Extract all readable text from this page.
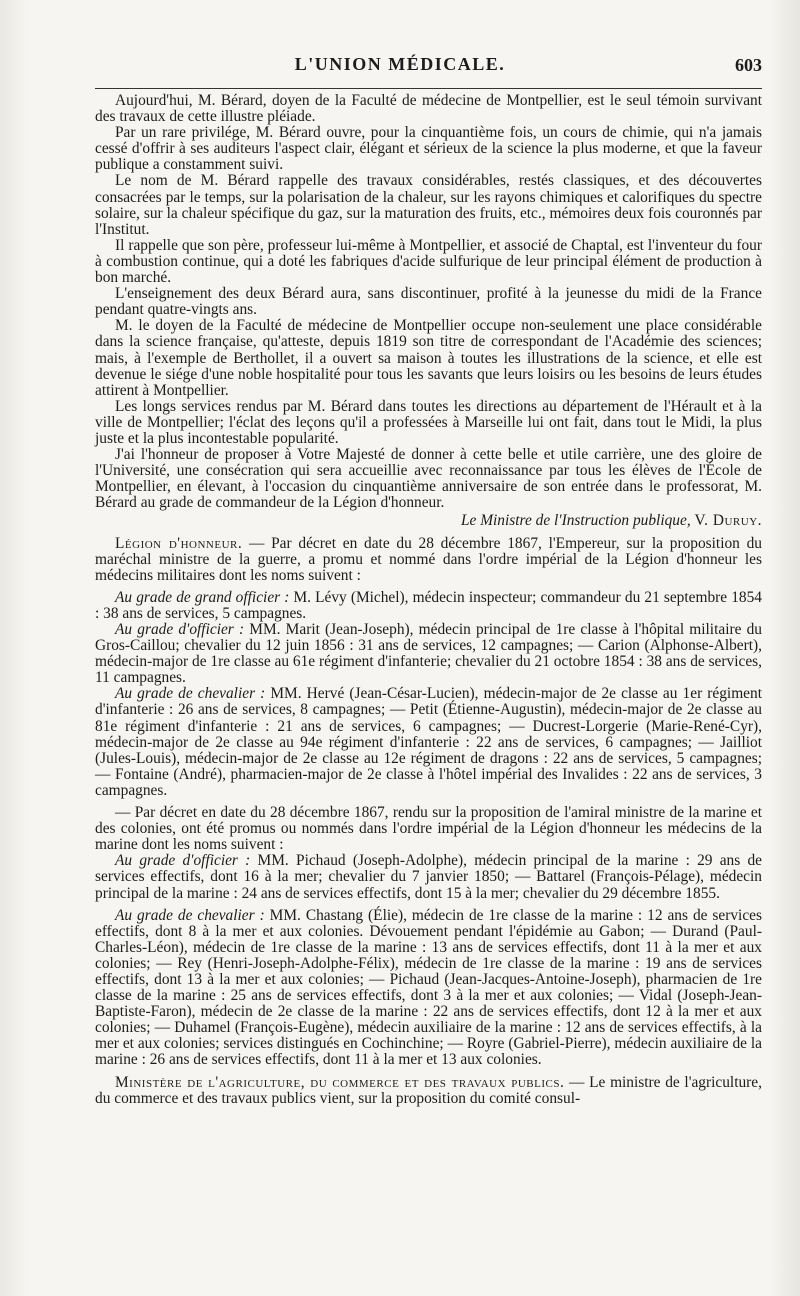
L'UNION MÉDICALE.	603

Aujourd'hui, M. Bérard, doyen de la Faculté de médecine de Montpellier, est le seul témoin survivant des travaux de cette illustre pléiade.

Par un rare privilége, M. Bérard ouvre, pour la cinquantième fois, un cours de chimie, qui n'a jamais cessé d'offrir à ses auditeurs l'aspect clair, élégant et sérieux de la science la plus moderne, et que la faveur publique a constamment suivi.

Le nom de M. Bérard rappelle des travaux considérables, restés classiques, et des découvertes consacrées par le temps, sur la polarisation de la chaleur, sur les rayons chimiques et calorifiques du spectre solaire, sur la chaleur spécifique du gaz, sur la maturation des fruits, etc., mémoires deux fois couronnés par l'Institut.

Il rappelle que son père, professeur lui-même à Montpellier, et associé de Chaptal, est l'inventeur du four à combustion continue, qui a doté les fabriques d'acide sulfurique de leur principal élément de production à bon marché.

L'enseignement des deux Bérard aura, sans discontinuer, profité à la jeunesse du midi de la France pendant quatre-vingts ans.

M. le doyen de la Faculté de médecine de Montpellier occupe non-seulement une place considérable dans la science française, qu'atteste, depuis 1819 son titre de correspondant de l'Académie des sciences; mais, à l'exemple de Berthollet, il a ouvert sa maison à toutes les illustrations de la science, et elle est devenue le siége d'une noble hospitalité pour tous les savants que leurs loisirs ou les besoins de leurs études attirent à Montpellier.

Les longs services rendus par M. Bérard dans toutes les directions au département de l'Hérault et à la ville de Montpellier; l'éclat des leçons qu'il a professées à Marseille lui ont fait, dans tout le Midi, la plus juste et la plus incontestable popularité.

J'ai l'honneur de proposer à Votre Majesté de donner à cette belle et utile carrière, une des gloire de l'Université, une consécration qui sera accueillie avec reconnaissance par tous les élèves de l'École de Montpellier, en élevant, à l'occasion du cinquantième anniversaire de son entrée dans le professorat, M. Bérard au grade de commandeur de la Légion d'honneur.

Le Ministre de l'Instruction publique, V. Duruy.

Légion d'honneur. — Par décret en date du 28 décembre 1867, l'Empereur, sur la proposition du maréchal ministre de la guerre, a promu et nommé dans l'ordre impérial de la Légion d'honneur les médecins militaires dont les noms suivent :

Au grade de grand officier : M. Lévy (Michel), médecin inspecteur; commandeur du 21 septembre 1854 : 38 ans de services, 5 campagnes.

Au grade d'officier : MM. Marit (Jean-Joseph), médecin principal de 1re classe à l'hôpital militaire du Gros-Caillou; chevalier du 12 juin 1856 : 31 ans de services, 12 campagnes; — Carion (Alphonse-Albert), médecin-major de 1re classe au 61e régiment d'infanterie; chevalier du 21 octobre 1854 : 38 ans de services, 11 campagnes.

Au grade de chevalier : MM. Hervé (Jean-César-Lucien), médecin-major de 2e classe au 1er régiment d'infanterie : 26 ans de services, 8 campagnes; — Petit (Étienne-Augustin), médecin-major de 2e classe au 81e régiment d'infanterie : 21 ans de services, 6 campagnes; — Ducrest-Lorgerie (Marie-René-Cyr), médecin-major de 2e classe au 94e régiment d'infanterie : 22 ans de services, 6 campagnes; — Jailliot (Jules-Louis), médecin-major de 2e classe au 12e régiment de dragons : 22 ans de services, 5 campagnes; — Fontaine (André), pharmacien-major de 2e classe à l'hôtel impérial des Invalides : 22 ans de services, 3 campagnes.

— Par décret en date du 28 décembre 1867, rendu sur la proposition de l'amiral ministre de la marine et des colonies, ont été promus ou nommés dans l'ordre impérial de la Légion d'honneur les médecins de la marine dont les noms suivent :

Au grade d'officier : MM. Pichaud (Joseph-Adolphe), médecin principal de la marine : 29 ans de services effectifs, dont 16 à la mer; chevalier du 7 janvier 1850; — Battarel (François-Pélage), médecin principal de la marine : 24 ans de services effectifs, dont 15 à la mer; chevalier du 29 décembre 1855.

Au grade de chevalier : MM. Chastang (Élie), médecin de 1re classe de la marine : 12 ans de services effectifs, dont 8 à la mer et aux colonies. Dévouement pendant l'épidémie au Gabon; — Durand (Paul-Charles-Léon), médecin de 1re classe de la marine : 13 ans de services effectifs, dont 11 à la mer et aux colonies; — Rey (Henri-Joseph-Adolphe-Félix), médecin de 1re classe de la marine : 19 ans de services effectifs, dont 13 à la mer et aux colonies; — Pichaud (Jean-Jacques-Antoine-Joseph), pharmacien de 1re classe de la marine : 25 ans de services effectifs, dont 3 à la mer et aux colonies; — Vidal (Joseph-Jean-Baptiste-Faron), médecin de 2e classe de la marine : 22 ans de services effectifs, dont 12 à la mer et aux colonies; — Duhamel (François-Eugène), médecin auxiliaire de la marine : 12 ans de services effectifs, à la mer et aux colonies; services distingués en Cochinchine; — Royre (Gabriel-Pierre), médecin auxiliaire de la marine : 26 ans de services effectifs, dont 11 à la mer et 13 aux colonies.

Ministère de l'agriculture, du commerce et des travaux publics. — Le ministre de l'agriculture, du commerce et des travaux publics vient, sur la proposition du comité consul-
